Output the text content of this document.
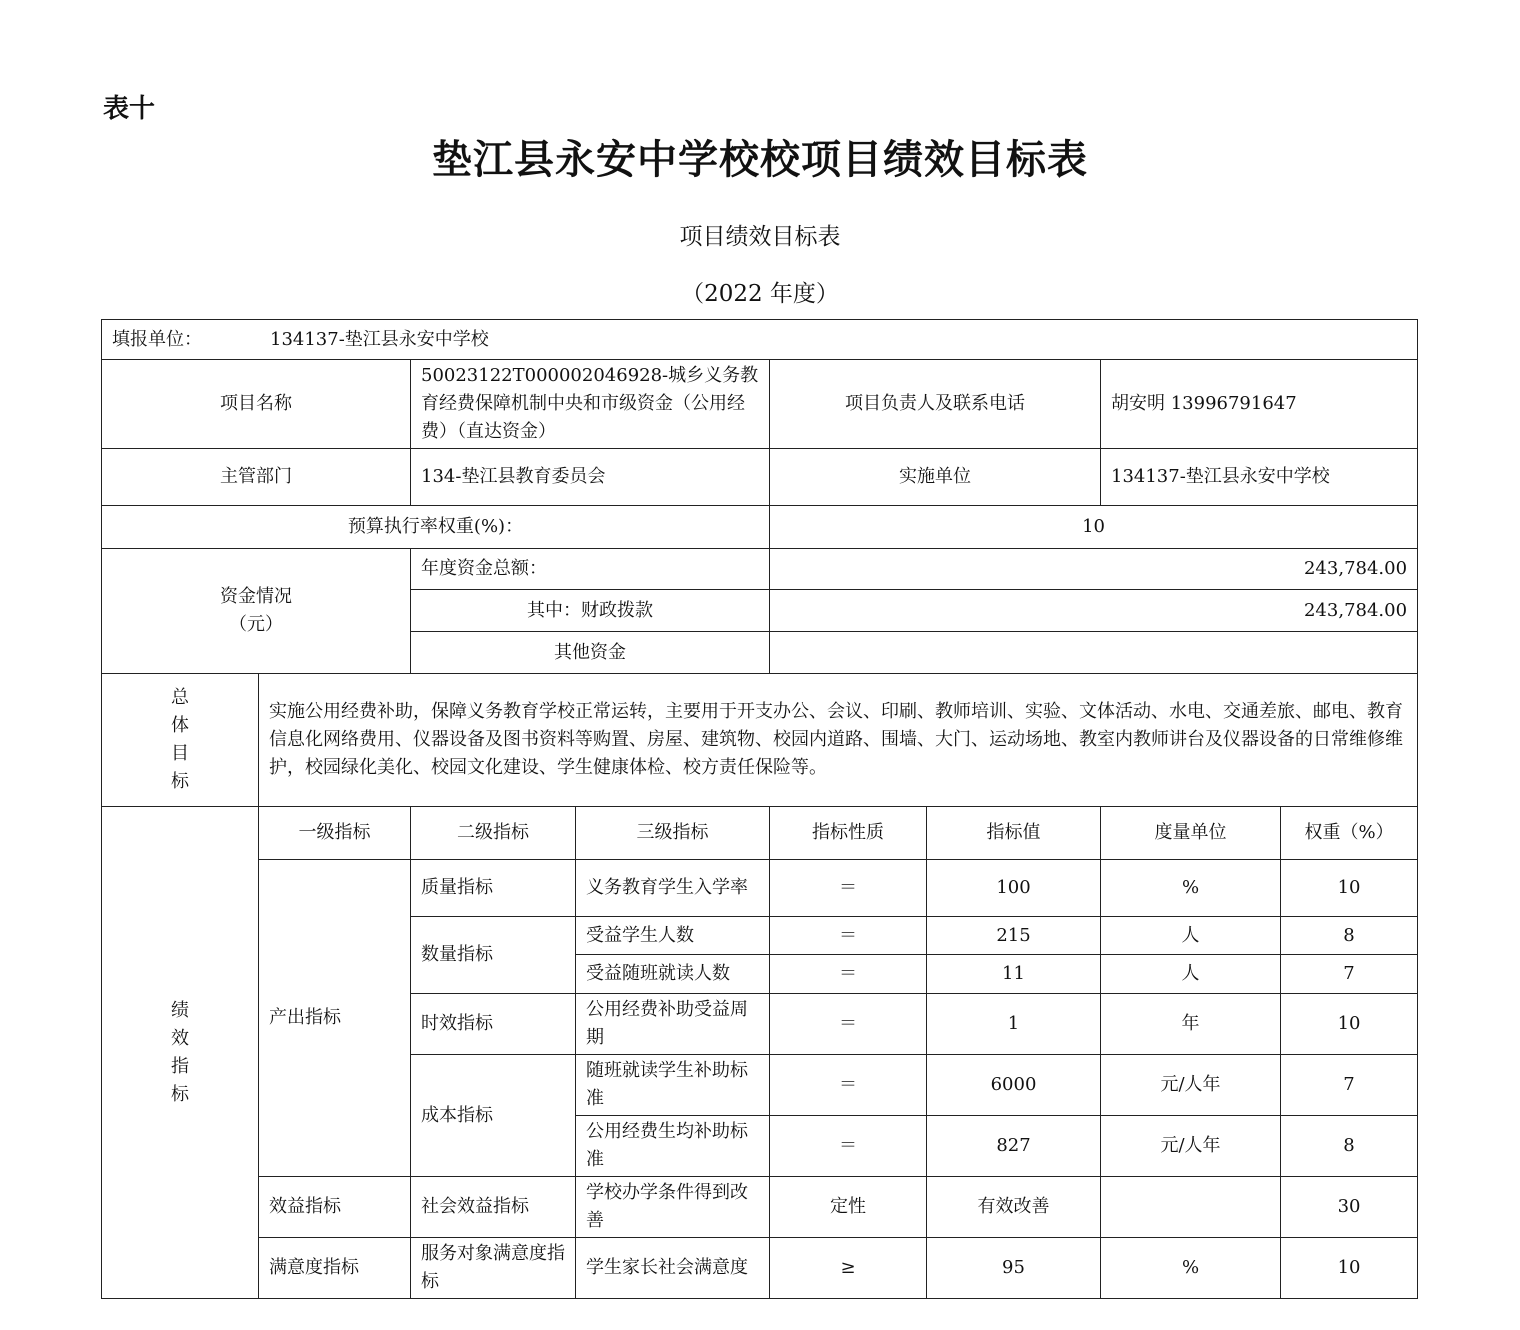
表十
垫江县永安中学校校项目绩效目标表
项目绩效目标表
（2022 年度）
填报单位： 134137-垫江县永安中学校							
项目名称		50023122T000002046928-城乡义务教育经费保障机制中央和市级资金（公用经费）（直达资金）		项目负责人及联系电话		胡安明 13996791647	
主管部门		134-垫江县教育委员会		实施单位		134137-垫江县永安中学校	
预算执行率权重(%)：				10			

资金情况
（元）		年度资金总额：		243,784.00			
		其中：财政拨款		243,784.00			
		其他资金					

总
体
目
标	实施公用经费补助，保障义务教育学校正常运转，主要用于开支办公、会议、印刷、教师培训、实验、文体活动、水电、交通差旅、邮电、教育信息化网络费用、仪器设备及图书资料等购置、房屋、建筑物、校园内道路、围墙、大门、运动场地、教室内教师讲台及仪器设备的日常维修维护，校园绿化美化、校园文化建设、学生健康体检、校方责任保险等。						

绩
效
指
标	一级指标	二级指标	三级指标	指标性质	指标值	度量单位	权重（%）
	产出指标	质量指标	义务教育学生入学率	＝	100	%	10
		数量指标	受益学生人数	＝	215	人	8
			受益随班就读人数	＝	11	人	7
		时效指标	公用经费补助受益周期	＝	1	年	10
		成本指标	随班就读学生补助标准	＝	6000	元/人年	7
			公用经费生均补助标准	＝	827	元/人年	8
	效益指标	社会效益指标	学校办学条件得到改善	定性	有效改善		30
	满意度指标	服务对象满意度指标	学生家长社会满意度	≥	95	%	10
